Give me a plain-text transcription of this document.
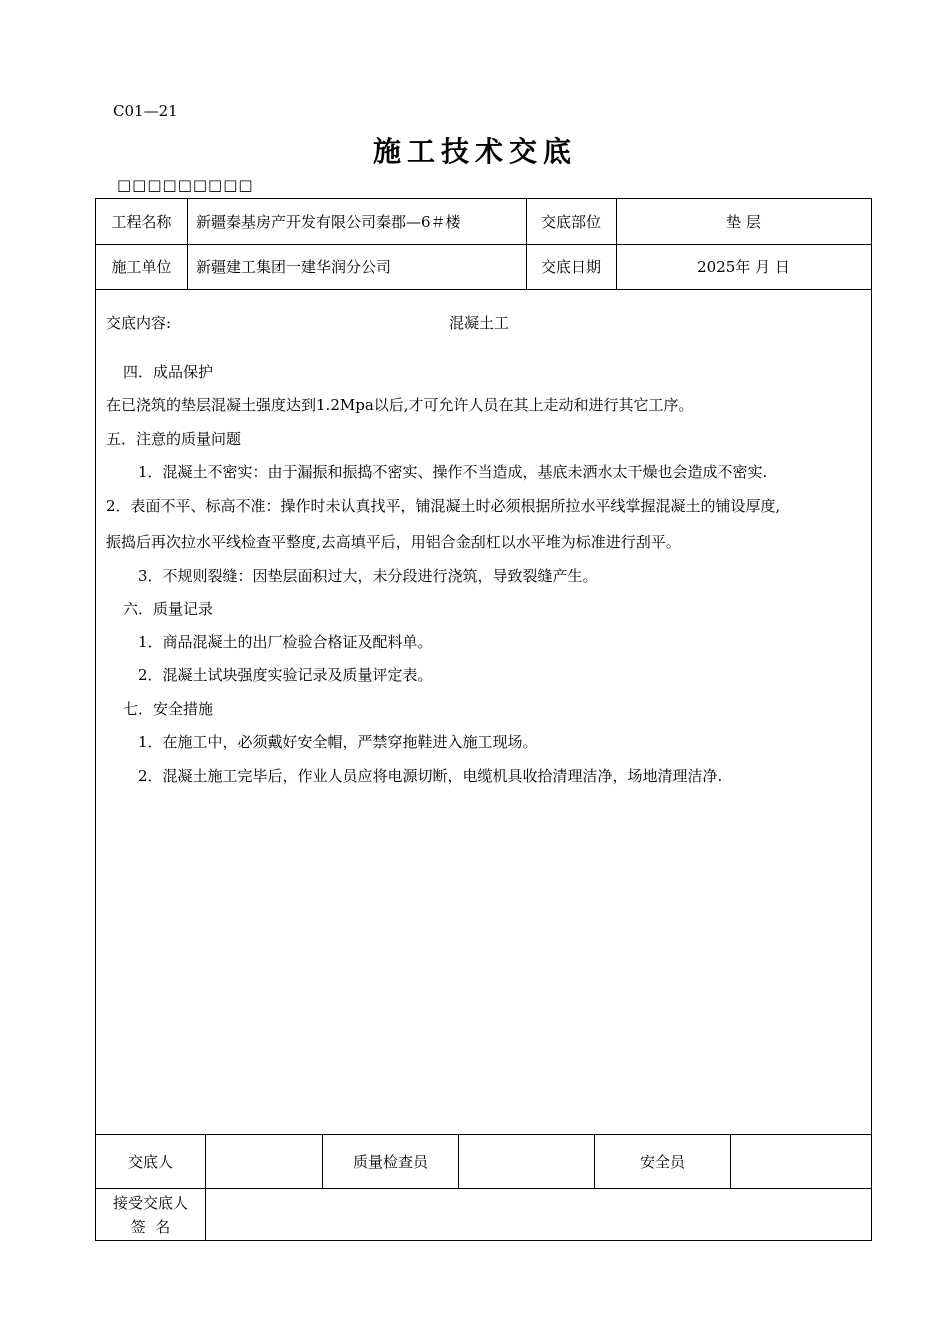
C01—21
施工技术交底
□□□□□□□□□
工程名称	新疆秦基房产开发有限公司秦郡—6＃楼	交底部位	垫 层
施工单位	新疆建工集团一建华润分公司	交底日期	2025年 月 日
交底内容:	混凝土工
四．成品保护
在已浇筑的垫层混凝土强度达到1.2Mpa以后,才可允许人员在其上走动和进行其它工序。
五．注意的质量问题
1．混凝土不密实：由于漏振和振捣不密实、操作不当造成，基底未洒水太干燥也会造成不密实.
2．表面不平、标高不准：操作时未认真找平，铺混凝土时必须根据所拉水平线掌握混凝土的铺设厚度,
振捣后再次拉水平线检查平整度,去高填平后，用铝合金刮杠以水平堆为标准进行刮平。
3．不规则裂缝：因垫层面积过大，未分段进行浇筑，导致裂缝产生。
六．质量记录
1．商品混凝土的出厂检验合格证及配料单。
2．混凝土试块强度实验记录及质量评定表。
七．安全措施
1．在施工中，必须戴好安全帽，严禁穿拖鞋进入施工现场。
2．混凝土施工完毕后，作业人员应将电源切断，电缆机具收拾清理洁净，场地清理洁净.
交底人	质量检查员	安全员
接受交底人
签  名
